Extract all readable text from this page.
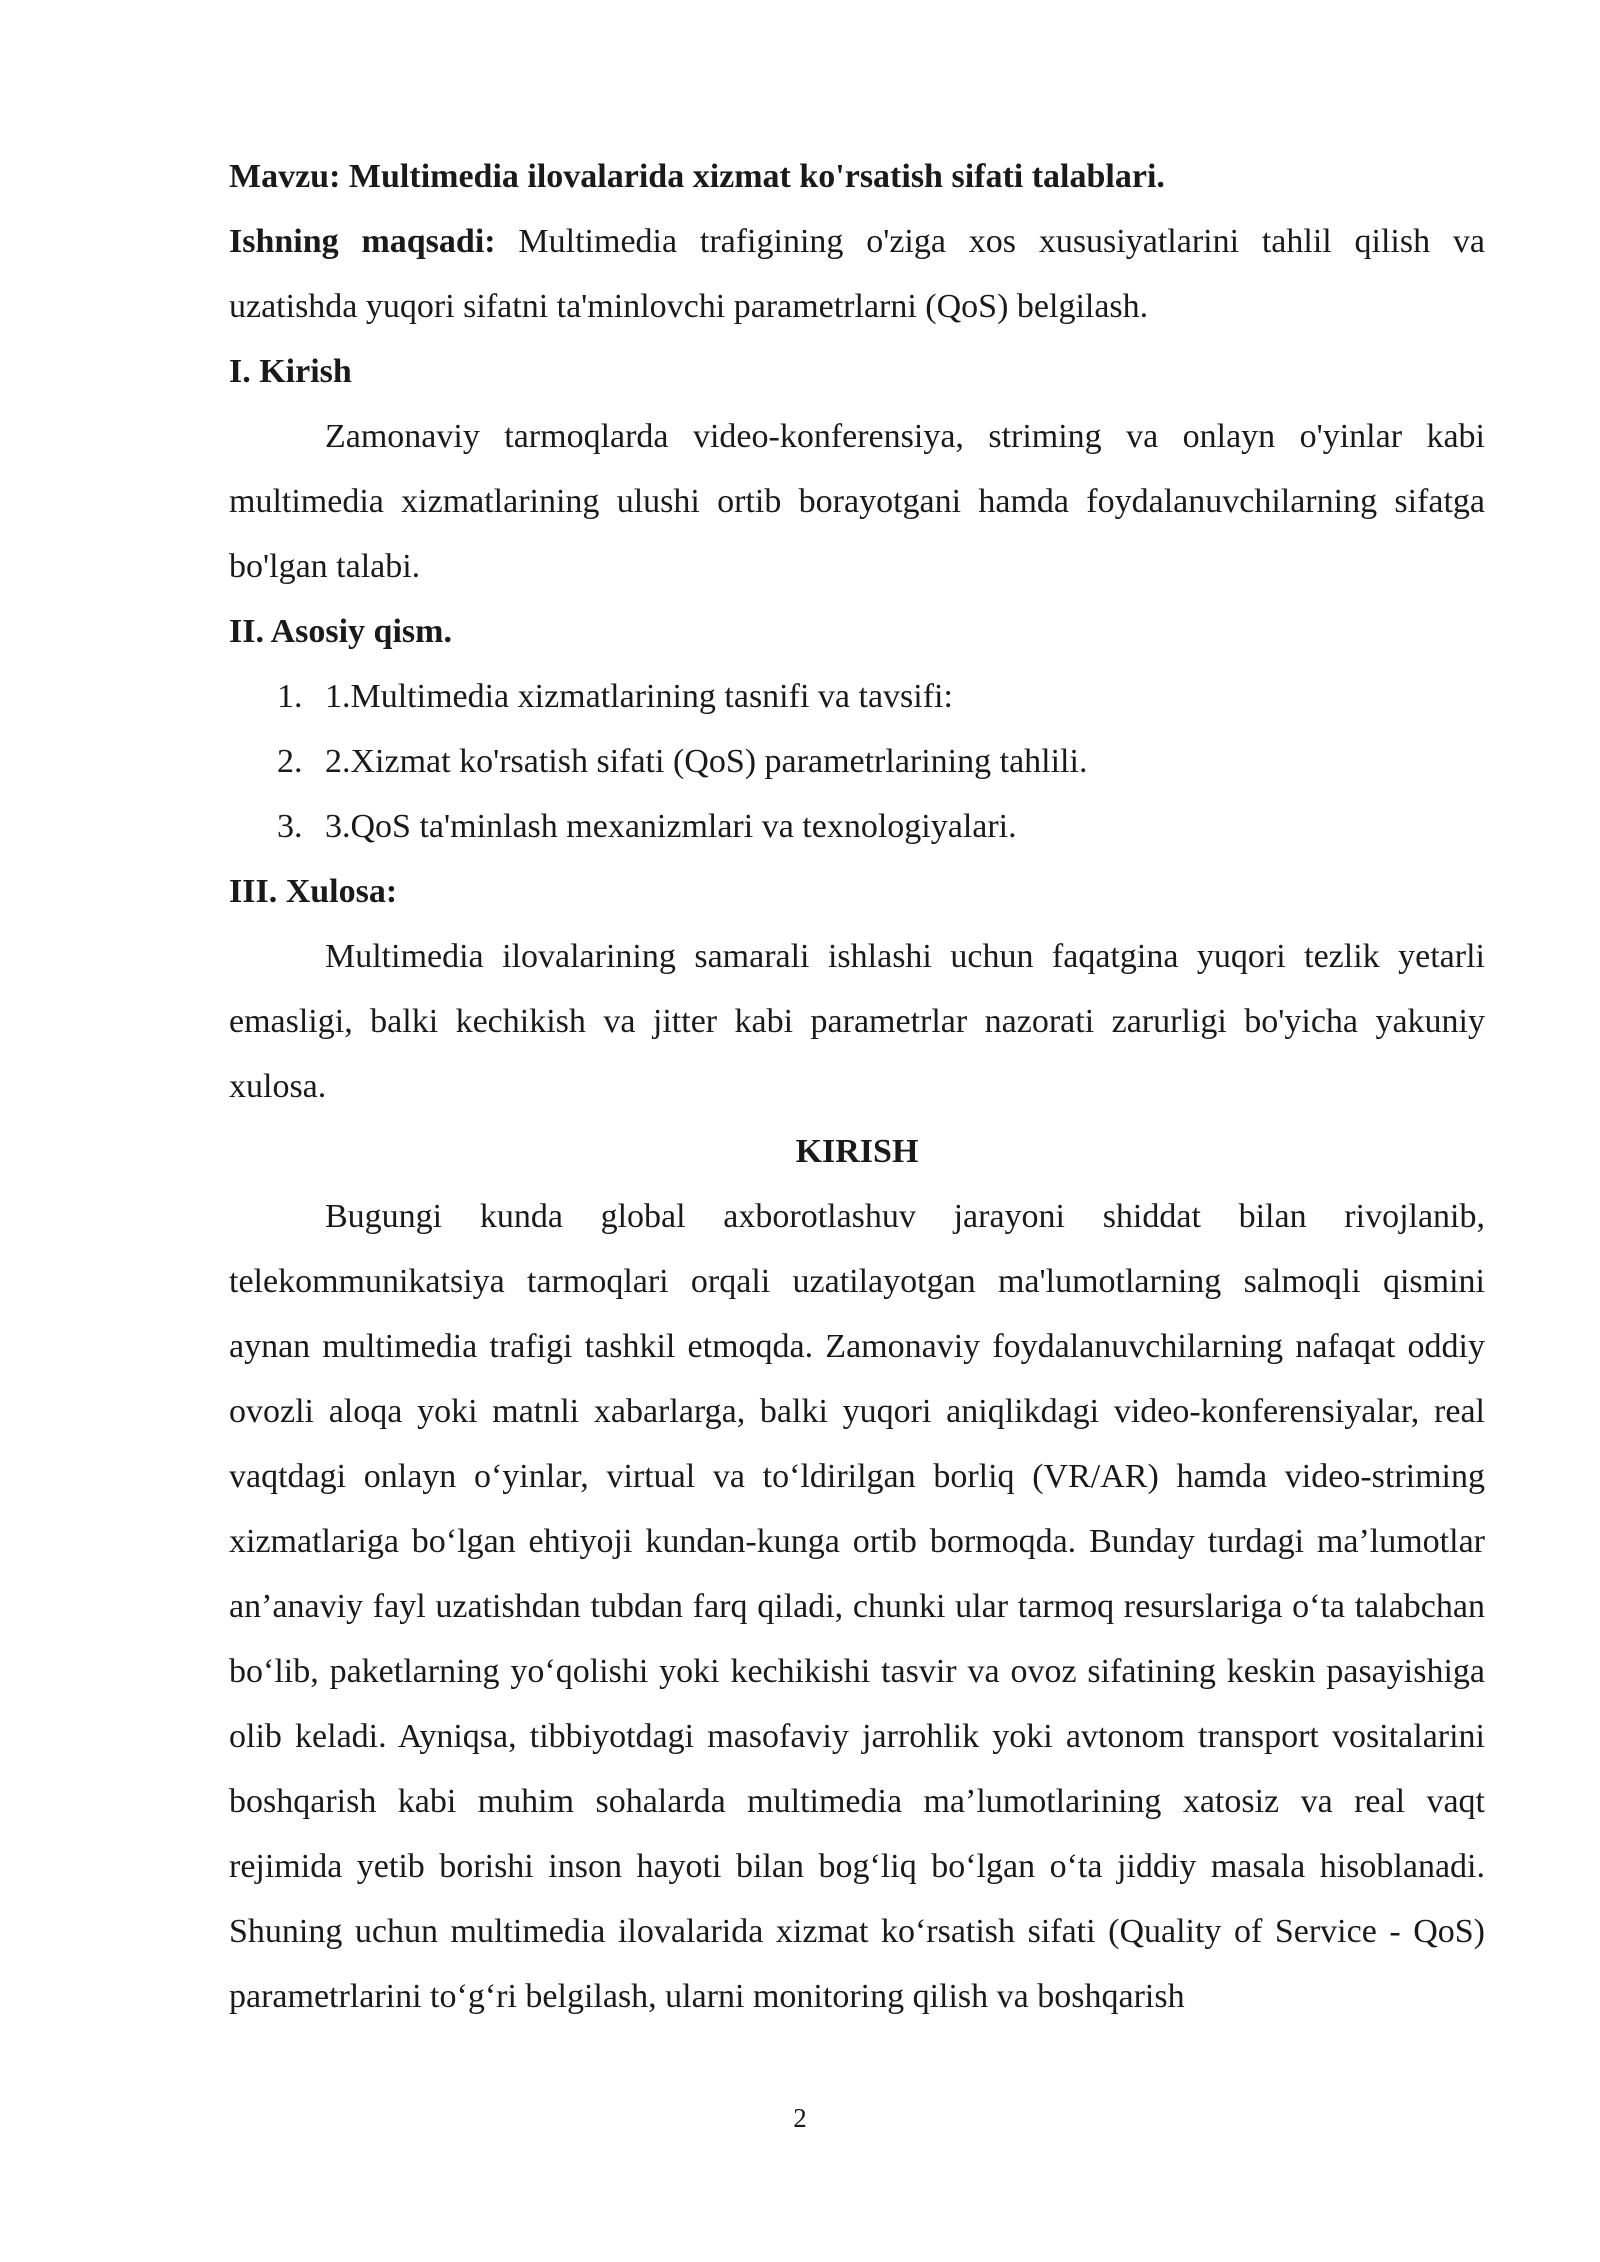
Mavzu: Multimedia ilovalarida xizmat ko'rsatish sifati talablari.

Ishning maqsadi: Multimedia trafigining o'ziga xos xususiyatlarini tahlil qilish va uzatishda yuqori sifatni ta'minlovchi parametrlarni (QoS) belgilash.

I. Kirish

Zamonaviy tarmoqlarda video-konferensiya, striming va onlayn o'yinlar kabi multimedia xizmatlarining ulushi ortib borayotgani hamda foydalanuvchilarning sifatga bo'lgan talabi.

II. Asosiy qism.

1. 1.Multimedia xizmatlarining tasnifi va tavsifi:
2. 2.Xizmat ko'rsatish sifati (QoS) parametrlarining tahlili.
3. 3.QoS ta'minlash mexanizmlari va texnologiyalari.

III. Xulosa:

Multimedia ilovalarining samarali ishlashi uchun faqatgina yuqori tezlik yetarli emasligi, balki kechikish va jitter kabi parametrlar nazorati zarurligi bo'yicha yakuniy xulosa.

KIRISH

Bugungi kunda global axborotlashuv jarayoni shiddat bilan rivojlanib, telekommunikatsiya tarmoqlari orqali uzatilayotgan ma'lumotlarning salmoqli qismini aynan multimedia trafigi tashkil etmoqda. Zamonaviy foydalanuvchilarning nafaqat oddiy ovozli aloqa yoki matnli xabarlarga, balki yuqori aniqlikdagi video-konferensiyalar, real vaqtdagi onlayn o‘yinlar, virtual va to‘ldirilgan borliq (VR/AR) hamda video-striming xizmatlariga bo‘lgan ehtiyoji kundan-kunga ortib bormoqda. Bunday turdagi ma’lumotlar an’anaviy fayl uzatishdan tubdan farq qiladi, chunki ular tarmoq resurslariga o‘ta talabchan bo‘lib, paketlarning yo‘qolishi yoki kechikishi tasvir va ovoz sifatining keskin pasayishiga olib keladi. Ayniqsa, tibbiyotdagi masofaviy jarrohlik yoki avtonom transport vositalarini boshqarish kabi muhim sohalarda multimedia ma’lumotlarining xatosiz va real vaqt rejimida yetib borishi inson hayoti bilan bog‘liq bo‘lgan o‘ta jiddiy masala hisoblanadi. Shuning uchun multimedia ilovalarida xizmat ko‘rsatish sifati (Quality of Service - QoS) parametrlarini to‘g‘ri belgilash, ularni monitoring qilish va boshqarish

2
